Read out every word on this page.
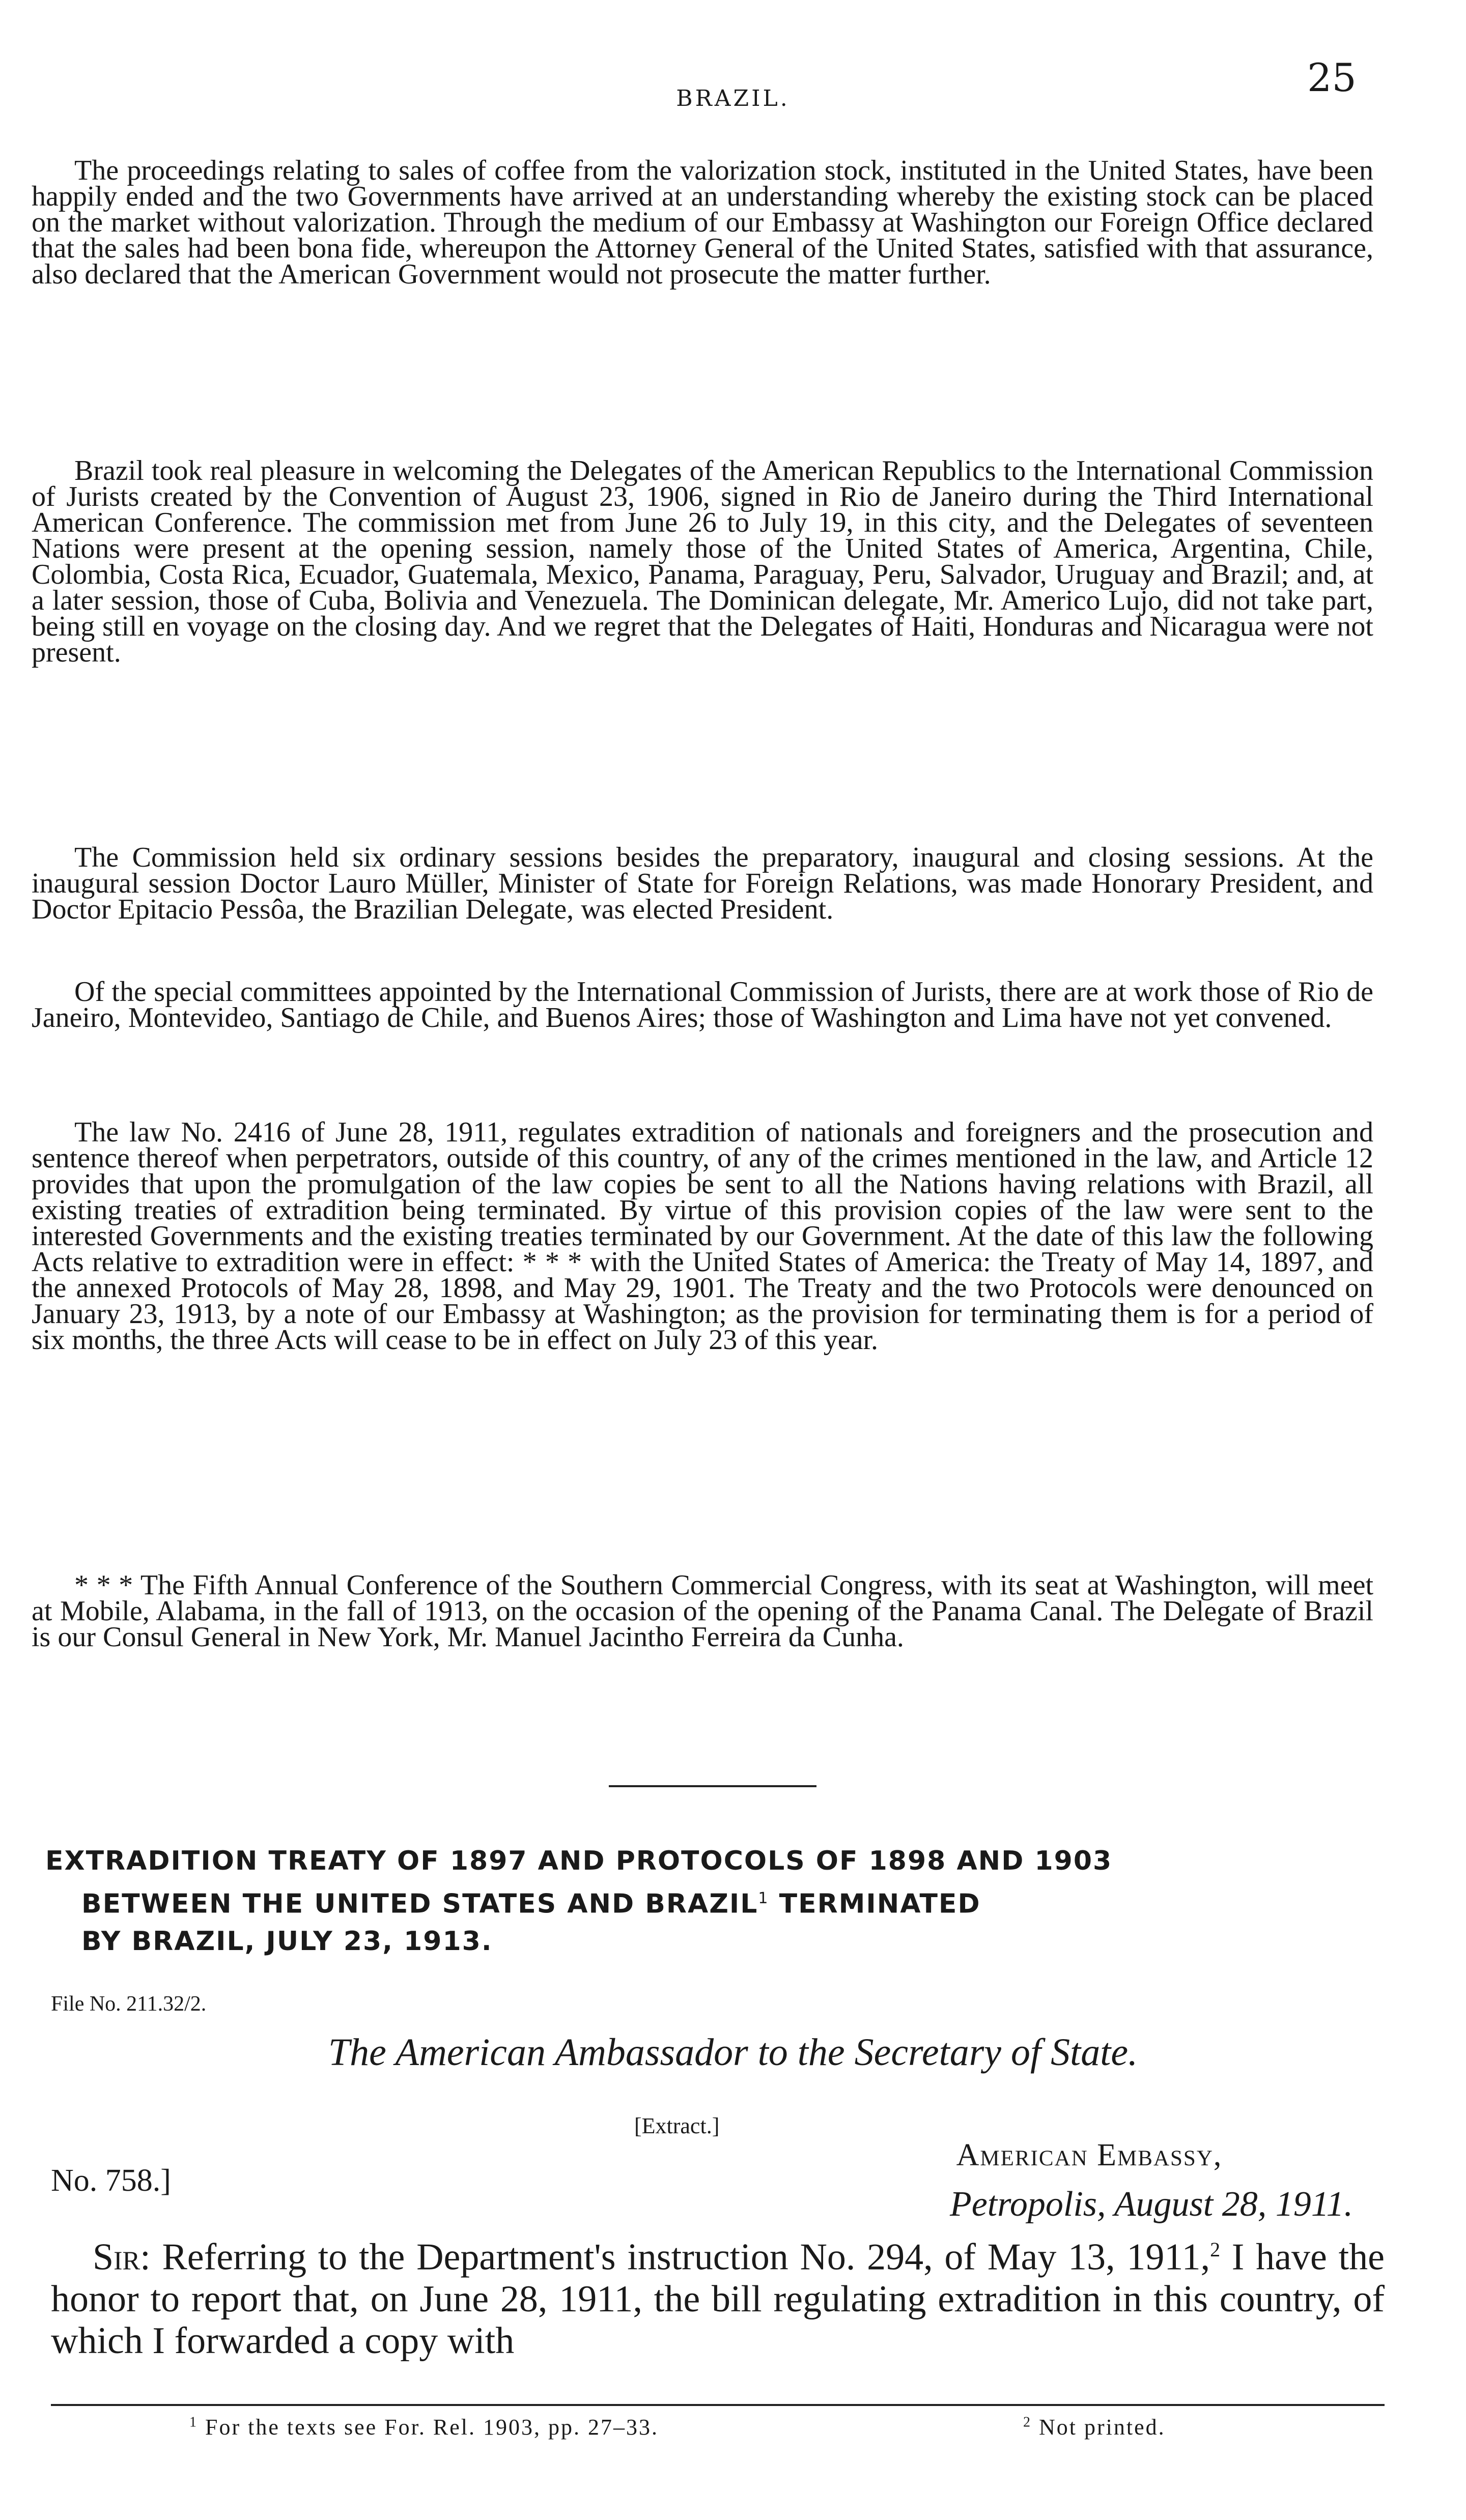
BRAZIL.	25

The proceedings relating to sales of coffee from the valorization stock, instituted in the United States, have been happily ended and the two Governments have arrived at an understanding whereby the existing stock can be placed on the market without valorization. Through the medium of our Embassy at Washington our Foreign Office declared that the sales had been bona fide, whereupon the Attorney General of the United States, satisfied with that assurance, also declared that the American Government would not prosecute the matter further.

Brazil took real pleasure in welcoming the Delegates of the American Republics to the International Commission of Jurists created by the Convention of August 23, 1906, signed in Rio de Janeiro during the Third International American Conference. The commission met from June 26 to July 19, in this city, and the Delegates of seventeen Nations were present at the opening session, namely those of the United States of America, Argentina, Chile, Colombia, Costa Rica, Ecuador, Guatemala, Mexico, Panama, Paraguay, Peru, Salvador, Uruguay and Brazil; and, at a later session, those of Cuba, Bolivia and Venezuela. The Dominican delegate, Mr. Americo Lujo, did not take part, being still en voyage on the closing day. And we regret that the Delegates of Haiti, Honduras and Nicaragua were not present.

The Commission held six ordinary sessions besides the preparatory, inaugural and closing sessions. At the inaugural session Doctor Lauro Müller, Minister of State for Foreign Relations, was made Honorary President, and Doctor Epitacio Pessôa, the Brazilian Delegate, was elected President.

Of the special committees appointed by the International Commission of Jurists, there are at work those of Rio de Janeiro, Montevideo, Santiago de Chile, and Buenos Aires; those of Washington and Lima have not yet convened.

The law No. 2416 of June 28, 1911, regulates extradition of nationals and foreigners and the prosecution and sentence thereof when perpetrators, outside of this country, of any of the crimes mentioned in the law, and Article 12 provides that upon the promulgation of the law copies be sent to all the Nations having relations with Brazil, all existing treaties of extradition being terminated. By virtue of this provision copies of the law were sent to the interested Governments and the existing treaties terminated by our Government. At the date of this law the following Acts relative to extradition were in effect: * * * with the United States of America: the Treaty of May 14, 1897, and the annexed Protocols of May 28, 1898, and May 29, 1901. The Treaty and the two Protocols were denounced on January 23, 1913, by a note of our Embassy at Washington; as the provision for terminating them is for a period of six months, the three Acts will cease to be in effect on July 23 of this year.

* * * The Fifth Annual Conference of the Southern Commercial Congress, with its seat at Washington, will meet at Mobile, Alabama, in the fall of 1913, on the occasion of the opening of the Panama Canal. The Delegate of Brazil is our Consul General in New York, Mr. Manuel Jacintho Ferreira da Cunha.

EXTRADITION TREATY OF 1897 AND PROTOCOLS OF 1898 AND 1903
BETWEEN THE UNITED STATES AND BRAZIL$^1$ TERMINATED
BY BRAZIL, JULY 23, 1913.
File No. 211.32/2.
The American Ambassador to the Secretary of State.
[Extract.]
No. 758.]
American Embassy,
Petropolis, August 28, 1911.

Sir: Referring to the Department's instruction No. 294, of May 13, 1911,$^2$ I have the honor to report that, on June 28, 1911, the bill regulating extradition in this country, of which I forwarded a copy with

$^1$ For the texts see For. Rel. 1903, pp. 27–33.	$^2$ Not printed.
